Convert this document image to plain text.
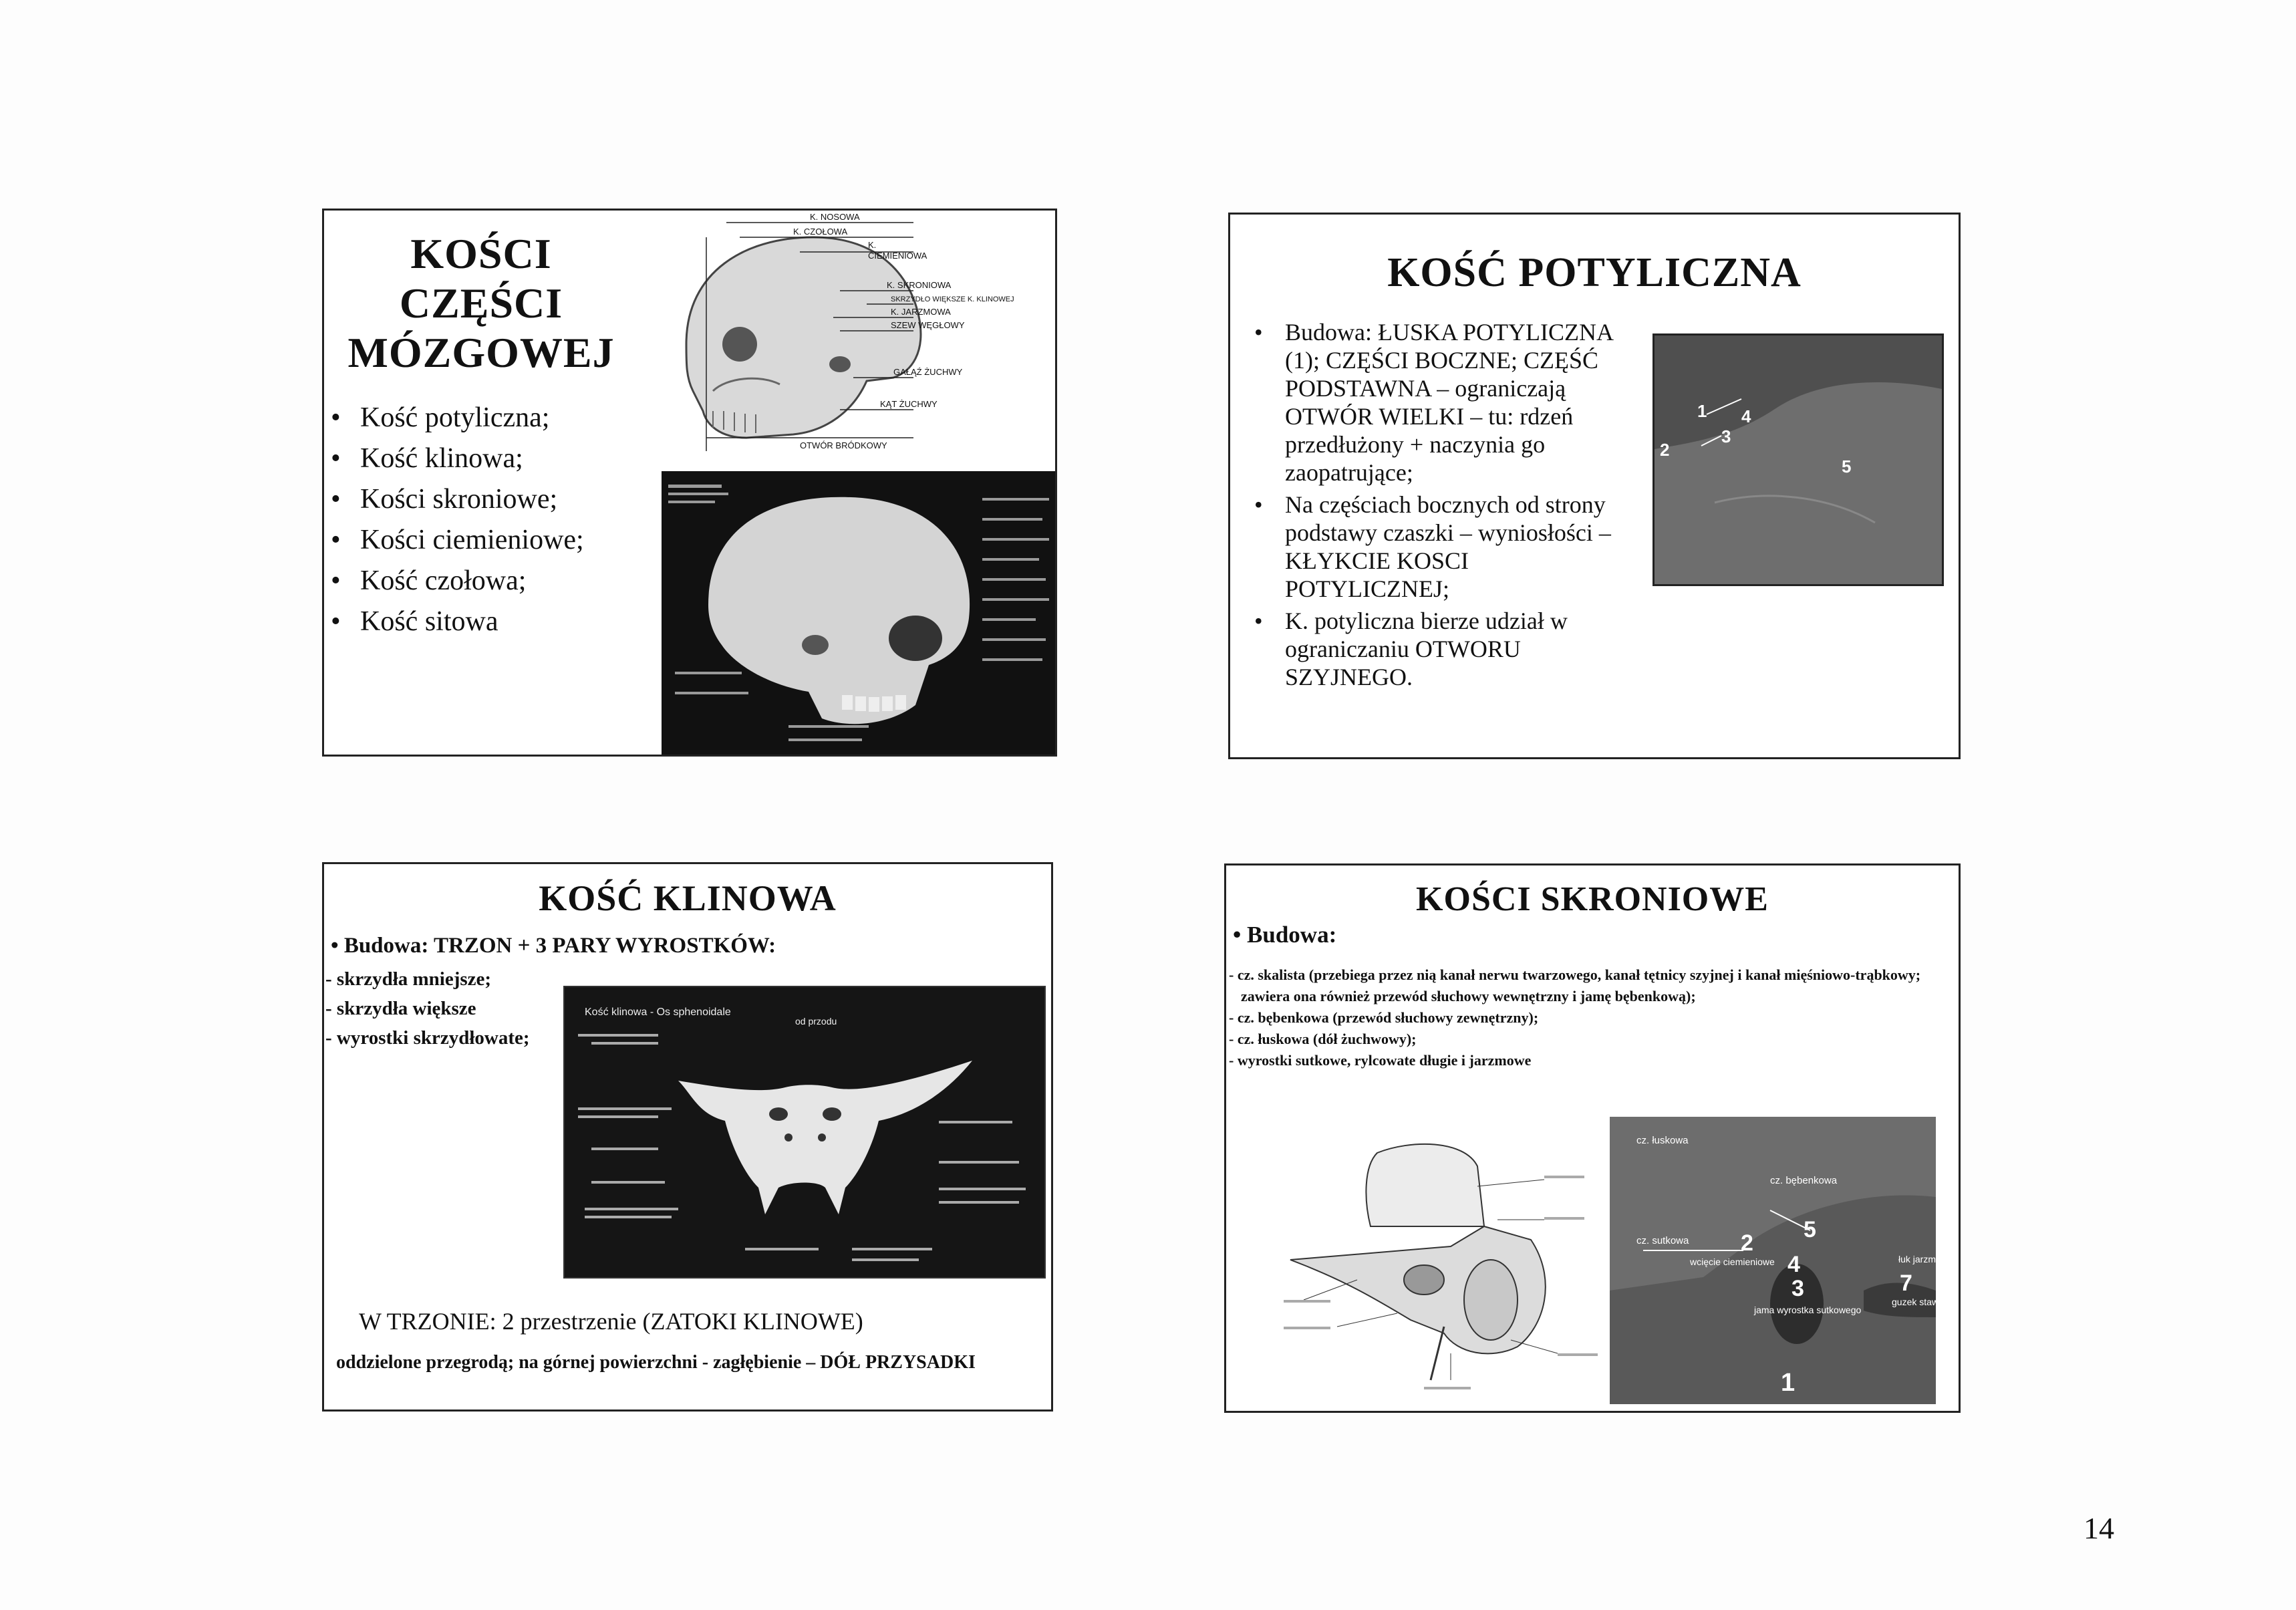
KOŚCI CZĘŚCI
MÓZGOWEJ
• Kość potyliczna;
• Kość klinowa;
• Kości skroniowe;
• Kości ciemieniowe;
• Kość czołowa;
• Kość sitowa
K. NOSOWA
K. CZOŁOWA
K.
CIEMIENIOWA
K. SKRONIOWA
SKRZYDŁO WIĘKSZE K. KLINOWEJ
K. JARZMOWA
SZEW WĘGŁOWY
GAŁĄŹ ŻUCHWY
KĄT ŻUCHWY
OTWÓR BRÓDKOWY
KOŚĆ POTYLICZNA
• Budowa: ŁUSKA POTYLICZNA (1); CZĘŚCI BOCZNE; CZĘŚĆ PODSTAWNA – ograniczają OTWÓR WIELKI – tu: rdzeń przedłużony + naczynia go zaopatrujące;
• Na częściach bocznych od strony podstawy czaszki – wyniosłości – KŁYKCIE KOSCI POTYLICZNEJ;
• K. potyliczna bierze udział w ograniczaniu OTWORU SZYJNEGO.
1 4
2
3
5
KOŚĆ KLINOWA
• Budowa: TRZON + 3 PARY WYROSTKÓW:
- skrzydła mniejsze;
- skrzydła większe
- wyrostki skrzydłowate;
Kość klinowa - Os sphenoidale
od przodu
W TRZONIE: 2 przestrzenie (ZATOKI KLINOWE)
oddzielone przegrodą; na górnej powierzchni - zagłębienie – DÓŁ PRZYSADKI
KOŚCI SKRONIOWE
• Budowa:
- cz. skalista (przebiega przez nią kanał nerwu twarzowego, kanał tętnicy szyjnej i kanał mięśniowo-trąbkowy; zawiera ona również przewód słuchowy wewnętrzny i jamę bębenkową);
- cz. bębenkowa (przewód słuchowy zewnętrzny);
- cz. łuskowa (dół żuchwowy);
- wyrostki sutkowe, rylcowate długie i jarzmowe
cz. łuskowa
cz. bębenkowa
5
cz. sutkowa 2
4
wcięcie ciemieniowe
3
łuk jarzm
7
guzek staw
jama wyrostka sutkowego
1
14
